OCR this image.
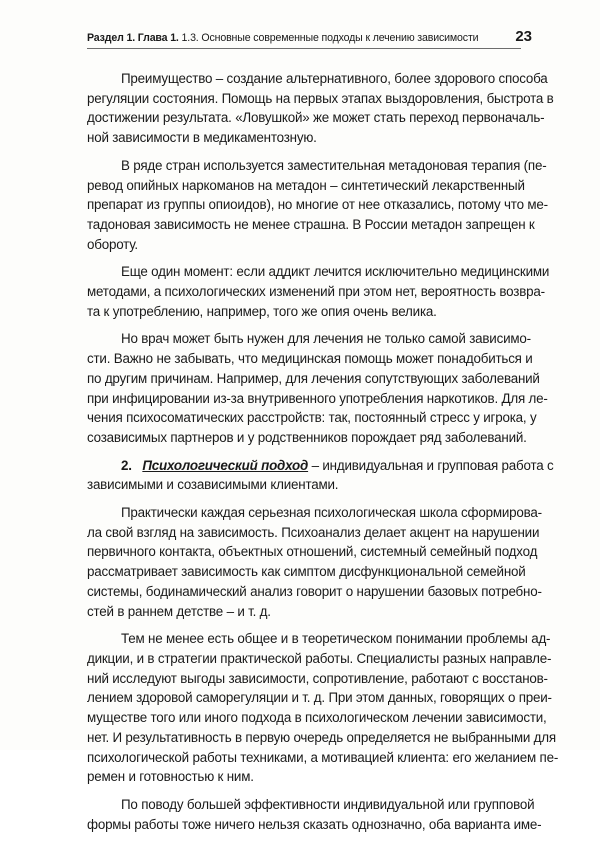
Раздел 1. Глава 1. 1.3. Основные современные подходы к лечению зависимости	23

Преимущество – создание альтернативного, более здорового способа
регуляции состояния. Помощь на первых этапах выздоровления, быстрота в
достижении результата. «Ловушкой» же может стать переход первоначаль-
ной зависимости в медикаментозную.

В ряде стран используется заместительная метадоновая терапия (пе-
ревод опийных наркоманов на метадон – синтетический лекарственный
препарат из группы опиоидов), но многие от нее отказались, потому что ме-
тадоновая зависимость не менее страшна. В России метадон запрещен к
обороту.

Еще один момент: если аддикт лечится исключительно медицинскими
методами, а психологических изменений при этом нет, вероятность возвра-
та к употреблению, например, того же опия очень велика.

Но врач может быть нужен для лечения не только самой зависимо-
сти. Важно не забывать, что медицинская помощь может понадобиться и
по другим причинам. Например, для лечения сопутствующих заболеваний
при инфицировании из-за внутривенного употребления наркотиков. Для ле-
чения психосоматических расстройств: так, постоянный стресс у игрока, у
созависимых партнеров и у родственников порождает ряд заболеваний.

2. Психологический подход – индивидуальная и групповая работа с
зависимыми и созависимыми клиентами.

Практически каждая серьезная психологическая школа сформирова-
ла свой взгляд на зависимость. Психоанализ делает акцент на нарушении
первичного контакта, объектных отношений, системный семейный подход
рассматривает зависимость как симптом дисфункциональной семейной
системы, бодинамический анализ говорит о нарушении базовых потребно-
стей в раннем детстве – и т. д.

Тем не менее есть общее и в теоретическом понимании проблемы ад-
дикции, и в стратегии практической работы. Специалисты разных направле-
ний исследуют выгоды зависимости, сопротивление, работают с восстанов-
лением здоровой саморегуляции и т. д. При этом данных, говорящих о преи-
муществе того или иного подхода в психологическом лечении зависимости,
нет. И результативность в первую очередь определяется не выбранными для
психологической работы техниками, а мотивацией клиента: его желанием пе-
ремен и готовностью к ним.

По поводу большей эффективности индивидуальной или групповой
формы работы тоже ничего нельзя сказать однозначно, оба варианта име-
